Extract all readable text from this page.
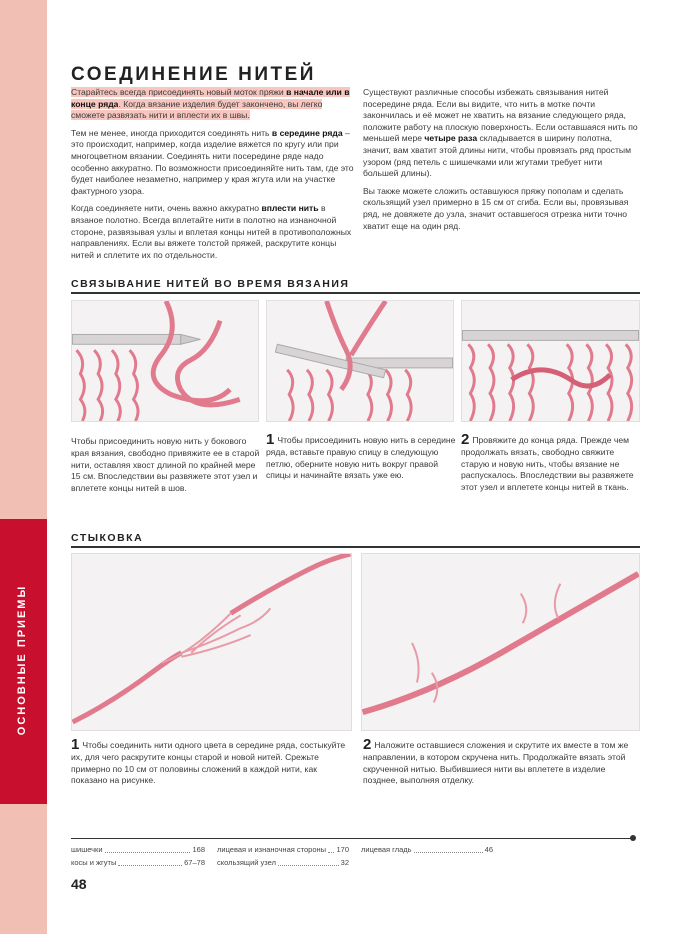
ОСНОВНЫЕ ПРИЕМЫ
СОЕДИНЕНИЕ НИТЕЙ

Старайтесь всегда присоединять новый моток пряжи в начале или в конце ряда. Когда вязание изделия будет закончено, вы легко сможете развязать нити и вплести их в швы.

Тем не менее, иногда приходится соединять нить в середине ряда – это происходит, например, когда изделие вяжется по кругу или при многоцветном вязании. Соединять нити посередине ряде надо особенно аккуратно. По возможности присоединяйте нить там, где это будет наиболее незаметно, например у края жгута или на участке фактурного узора.

Когда соединяете нити, очень важно аккуратно вплести нить в вязаное полотно. Всегда вплетайте нити в полотно на изнаночной стороне, развязывая узлы и вплетая концы нитей в противоположных направлениях. Если вы вяжете толстой пряжей, раскрутите концы нитей и сплетите их по отдельности.

Существуют различные способы избежать связывания нитей посередине ряда. Если вы видите, что нить в мотке почти закончилась и её может не хватить на вязание следующего ряда, положите работу на плоскую поверхность. Если оставшаяся нить по меньшей мере четыре раза складывается в ширину полотна, значит, вам хватит этой длины нити, чтобы провязать ряд простым узором (ряд петель с шишечками или жгутами требует нити большей длины).

Вы также можете сложить оставшуюся пряжу пополам и сделать скользящий узел примерно в 15 см от сгиба. Если вы, провязывая ряд, не довяжете до узла, значит оставшегося отрезка нити точно хватит еще на один ряд.

СВЯЗЫВАНИЕ НИТЕЙ ВО ВРЕМЯ ВЯЗАНИЯ
Чтобы присоединить новую нить у бокового края вязания, свободно привяжите ее в старой нити, оставляя хвост длиной по крайней мере 15 см. Впоследствии вы развяжете этот узел и вплетете концы нитей в шов.
1 Чтобы присоединить новую нить в середине ряда, вставьте правую спицу в следующую петлю, оберните новую нить вокруг правой спицы и начинайте вязать уже ею.
2 Провяжите до конца ряда. Прежде чем продолжать вязать, свободно свяжите старую и новую нить, чтобы вязание не распускалось. Впоследствии вы развяжете этот узел и вплетете концы нитей в ткань.
СТЫКОВКА
1 Чтобы соединить нити одного цвета в середине ряда, состыкуйте их, для чего раскрутите концы старой и новой нитей. Срежьте примерно по 10 см от половины сложений в каждой нити, как показано на рисунке.
2 Наложите оставшиеся сложения и скрутите их вместе в том же направлении, в котором скручена нить. Продолжайте вязать этой скрученной нитью. Выбившиеся нити вы вплетете в изделие позднее, выполняя отделку.
шишечки	168
косы и жгуты	67–78
лицевая и изнаночная стороны 170
скользящий узел	32
лицевая гладь	46
48
